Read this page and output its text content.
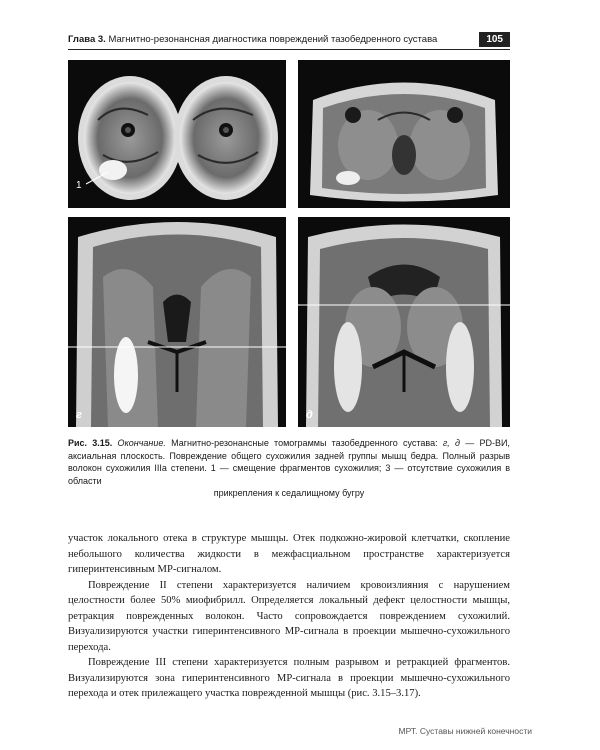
Глава 3. Магнитно-резонансная диагностика повреждений тазобедренного сустава	105
1
г	д
Рис. 3.15. Окончание. Магнитно-резонансные томограммы тазобедренного сустава: г, д — PD-ВИ, аксиальная плоскость. Повреждение общего сухожилия задней группы мышц бедра. Полный разрыв волокон сухожилия IIIa степени. 1 — смещение фрагментов сухожилия; 3 — отсутствие сухожилия в области
прикрепления к седалищному бугру

участок локального отека в структуре мышцы. Отек подкожно-жировой клетчатки, скопление небольшого количества жидкости в межфасциальном пространстве характеризуется гиперинтенсивным МР-сигналом.

Повреждение II степени характеризуется наличием кровоизлияния с нарушением целостности более 50% миофибрилл. Определяется локальный дефект целостности мышцы, ретракция поврежденных волокон. Часто сопровождается повреждением сухожилий. Визуализируются участки гиперинтенсивного МР-сигнала в проекции мышечно-сухожильного перехода.

Повреждение III степени характеризуется полным разрывом и ретракцией фрагментов. Визуализируются зона гиперинтенсивного МР-сигнала в проекции мышечно-сухожильного перехода и отек прилежащего участка поврежденной мышцы (рис. 3.15–3.17).

МРТ. Суставы нижней конечности
